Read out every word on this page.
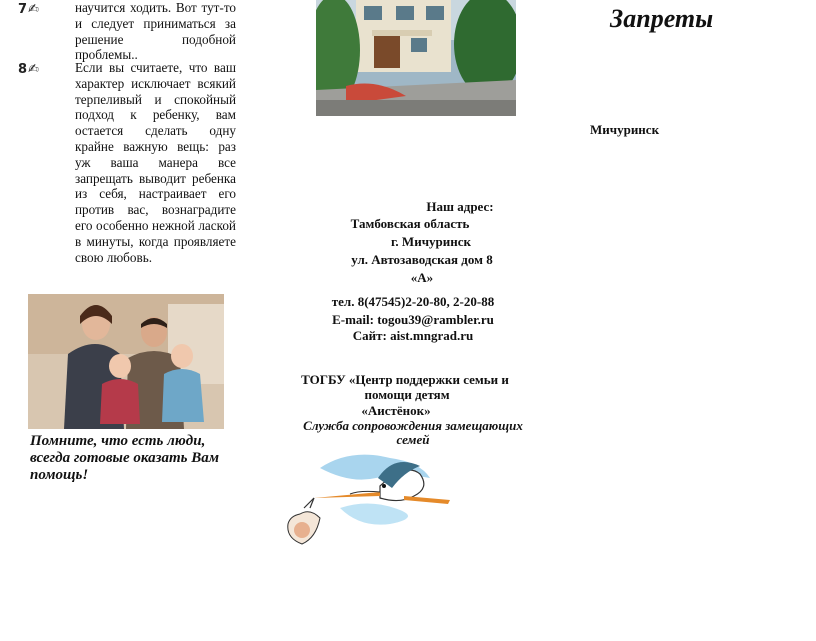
7✍	научится ходить. Вот тут-то и следует приниматься за решение подобной проблемы..
8✍	Если вы считаете, что ваш характер исключает всякий терпеливый и спокойный подход к ребенку, вам остается сделать одну крайне важную вещь: раз уж ваша манера все запрещать выводит ребенка из себя, настраивает его против вас, вознаградите его особенно нежной лаской в минуты, когда проявляете свою любовь.
Помните, что есть люди, всегда готовые оказать Вам помощь!
Запреты
Мичуринск
Наш адрес:
Тамбовская область
г. Мичуринск
ул. Автозаводская дом 8
«А»
тел. 8(47545)2-20-80, 2-20-88
E-mail: togou39@rambler.ru
Сайт: aist.mngrad.ru
ТОГБУ «Центр поддержки семьи и
помощи детям
«Аистёнок»
Служба сопровождения замещающих
семей
